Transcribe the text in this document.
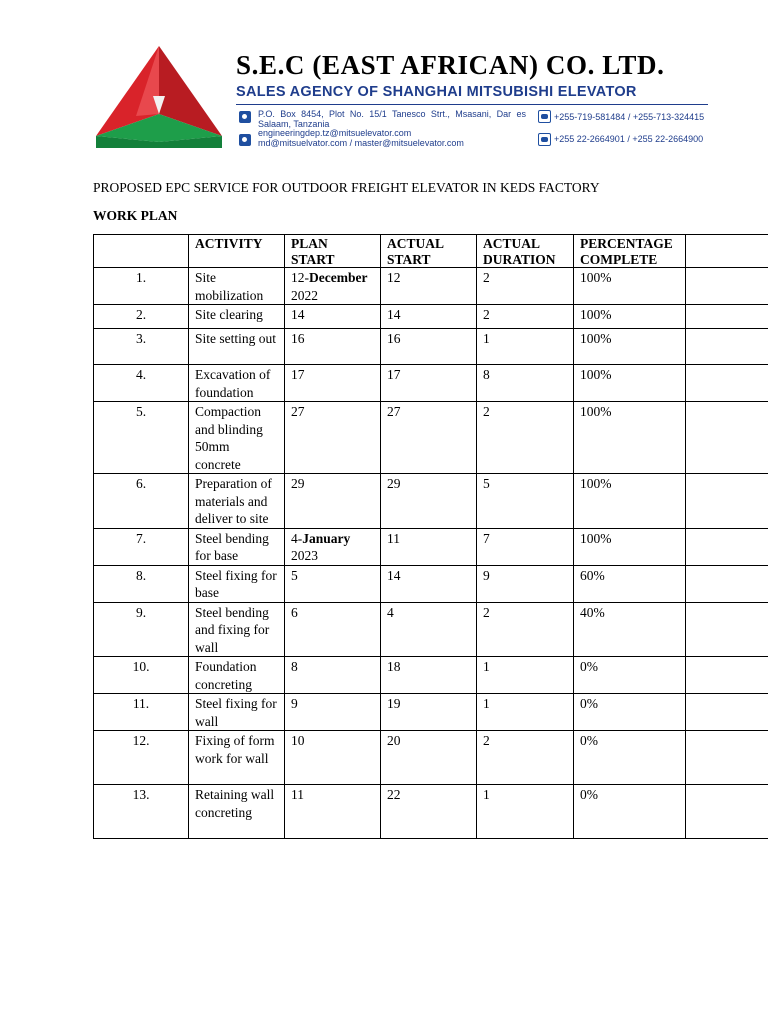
S.E.C (EAST AFRICAN) CO. LTD.
SALES AGENCY OF SHANGHAI MITSUBISHI ELEVATOR
P.O. Box 8454, Plot No. 15/1 Tanesco Strt., Msasani, Dar es Salaam, Tanzania
engineeringdep.tz@mitsuelevator.com md@mitsuelvator.com / master@mitsuelevator.com
+255-719-581484 / +255-713-324415
+255 22-2664901 / +255 22-2664900
PROPOSED EPC SERVICE FOR OUTDOOR FREIGHT ELEVATOR IN KEDS FACTORY
WORK PLAN
	ACTIVITY	PLAN START	ACTUAL START	ACTUAL DURATION	PERCENTAGE COMPLETE	
1.	Site mobilization	12-December 2022	12	2	100%	
2.	Site clearing	14	14	2	100%	
3.	Site setting out	16	16	1	100%	
4.	Excavation of foundation	17	17	8	100%	
5.	Compaction and blinding 50mm concrete	27	27	2	100%	
6.	Preparation of materials and deliver to site	29	29	5	100%	
7.	Steel bending for base	4-January 2023	11	7	100%	
8.	Steel fixing for base	5	14	9	60%	
9.	Steel bending and fixing for wall	6	4	2	40%	
10.	Foundation concreting	8	18	1	0%	
11.	Steel fixing for wall	9	19	1	0%	
12.	Fixing of form work for wall	10	20	2	0%	
13.	Retaining wall concreting	11	22	1	0%	
